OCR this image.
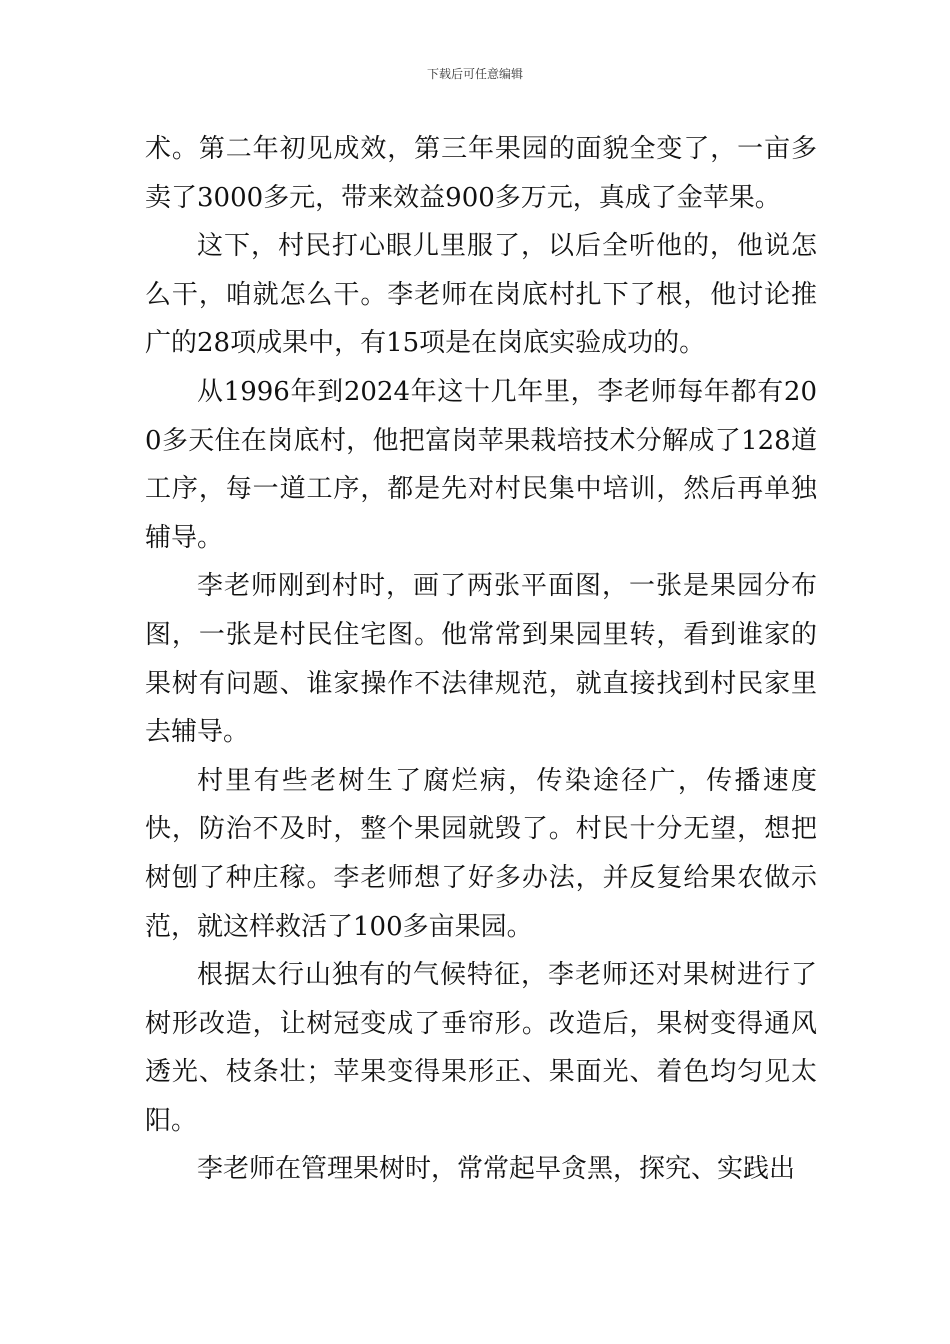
下载后可任意编辑

术。第二年初见成效，第三年果园的面貌全变了，一亩多卖了3000多元，带来效益900多万元，真成了金苹果。

这下，村民打心眼儿里服了，以后全听他的，他说怎么干，咱就怎么干。李老师在岗底村扎下了根，他讨论推广的28项成果中，有15项是在岗底实验成功的。

从1996年到2024年这十几年里，李老师每年都有200多天住在岗底村，他把富岗苹果栽培技术分解成了128道工序，每一道工序，都是先对村民集中培训，然后再单独辅导。

李老师刚到村时，画了两张平面图，一张是果园分布图，一张是村民住宅图。他常常到果园里转，看到谁家的果树有问题、谁家操作不法律规范，就直接找到村民家里去辅导。

村里有些老树生了腐烂病，传染途径广，传播速度快，防治不及时，整个果园就毁了。村民十分无望，想把树刨了种庄稼。李老师想了好多办法，并反复给果农做示范，就这样救活了100多亩果园。

根据太行山独有的气候特征，李老师还对果树进行了树形改造，让树冠变成了垂帘形。改造后，果树变得通风透光、枝条壮；苹果变得果形正、果面光、着色均匀见太阳。

李老师在管理果树时，常常起早贪黑，探究、实践出
